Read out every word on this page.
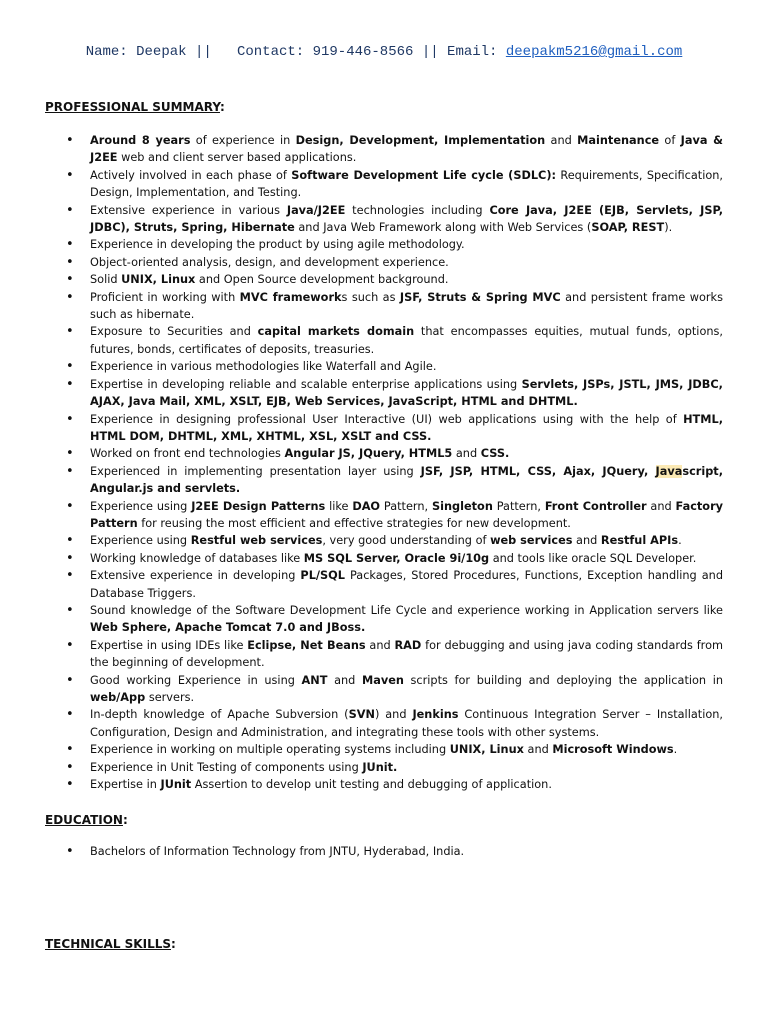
Name: Deepak || Contact: 919-446-8566 || Email: deepakm5216@gmail.com
PROFESSIONAL SUMMARY:
• Around 8 years of experience in Design, Development, Implementation and Maintenance of Java & J2EE web and client server based applications.
• Actively involved in each phase of Software Development Life cycle (SDLC): Requirements, Specification, Design, Implementation, and Testing.
• Extensive experience in various Java/J2EE technologies including Core Java, J2EE (EJB, Servlets, JSP, JDBC), Struts, Spring, Hibernate and Java Web Framework along with Web Services (SOAP, REST).
• Experience in developing the product by using agile methodology.
• Object-oriented analysis, design, and development experience.
• Solid UNIX, Linux and Open Source development background.
• Proficient in working with MVC frameworks such as JSF, Struts & Spring MVC and persistent frame works such as hibernate.
• Exposure to Securities and capital markets domain that encompasses equities, mutual funds, options, futures, bonds, certificates of deposits, treasuries.
• Experience in various methodologies like Waterfall and Agile.
• Expertise in developing reliable and scalable enterprise applications using Servlets, JSPs, JSTL, JMS, JDBC, AJAX, Java Mail, XML, XSLT, EJB, Web Services, JavaScript, HTML and DHTML.
• Experience in designing professional User Interactive (UI) web applications using with the help of HTML, HTML DOM, DHTML, XML, XHTML, XSL, XSLT and CSS.
• Worked on front end technologies Angular JS, JQuery, HTML5 and CSS.
• Experienced in implementing presentation layer using JSF, JSP, HTML, CSS, Ajax, JQuery, Javascript, Angular.js and servlets.
• Experience using J2EE Design Patterns like DAO Pattern, Singleton Pattern, Front Controller and Factory Pattern for reusing the most efficient and effective strategies for new development.
• Experience using Restful web services, very good understanding of web services and Restful APIs.
• Working knowledge of databases like MS SQL Server, Oracle 9i/10g and tools like oracle SQL Developer.
• Extensive experience in developing PL/SQL Packages, Stored Procedures, Functions, Exception handling and Database Triggers.
• Sound knowledge of the Software Development Life Cycle and experience working in Application servers like Web Sphere, Apache Tomcat 7.0 and JBoss.
• Expertise in using IDEs like Eclipse, Net Beans and RAD for debugging and using java coding standards from the beginning of development.
• Good working Experience in using ANT and Maven scripts for building and deploying the application in web/App servers.
• In-depth knowledge of Apache Subversion (SVN) and Jenkins Continuous Integration Server – Installation, Configuration, Design and Administration, and integrating these tools with other systems.
• Experience in working on multiple operating systems including UNIX, Linux and Microsoft Windows.
• Experience in Unit Testing of components using JUnit.
• Expertise in JUnit Assertion to develop unit testing and debugging of application.
EDUCATION:
• Bachelors of Information Technology from JNTU, Hyderabad, India.
TECHNICAL SKILLS:
